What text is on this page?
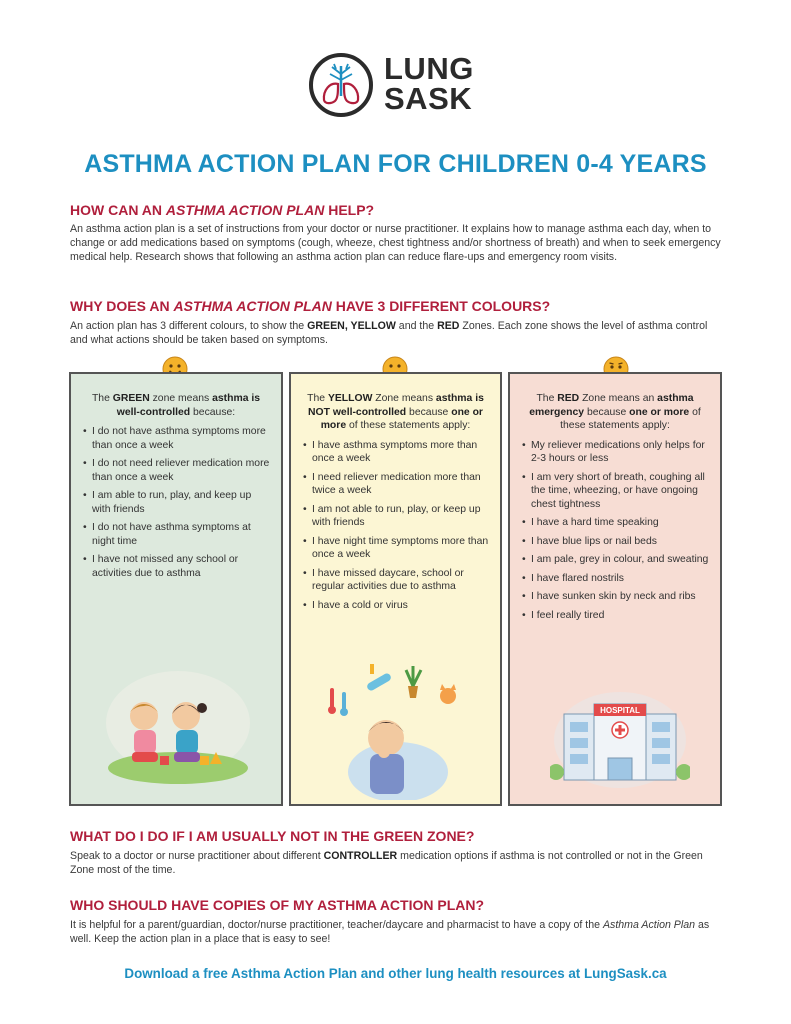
LUNG
SASK
ASTHMA ACTION PLAN FOR CHILDREN 0-4 YEARS
HOW CAN AN ASTHMA ACTION PLAN HELP?
An asthma action plan is a set of instructions from your doctor or nurse practitioner. It explains how to manage asthma each day, when to change or add medications based on symptoms (cough, wheeze, chest tightness and/or shortness of breath) and when to seek emergency medical help. Research shows that following an asthma action plan can reduce flare-ups and emergency room visits.
WHY DOES AN ASTHMA ACTION PLAN HAVE 3 DIFFERENT COLOURS?
An action plan has 3 different colours, to show the GREEN, YELLOW and the RED Zones. Each zone shows the level of asthma control and what actions should be taken based on symptoms.
The GREEN zone means asthma is well-controlled because:
• I do not have asthma symptoms more than once a week
• I do not need reliever medication more than once a week
• I am able to run, play, and keep up with friends
• I do not have asthma symptoms at night time
• I have not missed any school or activities due to asthma
The YELLOW Zone means asthma is NOT well-controlled because one or more of these statements apply:
• I have asthma symptoms more than once a week
• I need reliever medication more than twice a week
• I am not able to run, play, or keep up with friends
• I have night time symptoms more than once a week
• I have missed daycare, school or regular activities due to asthma
• I have a cold or virus
The RED Zone means an asthma emergency because one or more of these statements apply:
• My reliever medications only helps for 2-3 hours or less
• I am very short of breath, coughing all the time, wheezing, or have ongoing chest tightness
• I have a hard time speaking
• I have blue lips or nail beds
• I am pale, grey in colour, and sweating
• I have flared nostrils
• I have sunken skin by neck and ribs
• I feel really tired
HOSPITAL
WHAT DO I DO IF I AM USUALLY NOT IN THE GREEN ZONE?
Speak to a doctor or nurse practitioner about different CONTROLLER medication options if asthma is not controlled or not in the Green Zone most of the time.
WHO SHOULD HAVE COPIES OF MY ASTHMA ACTION PLAN?
It is helpful for a parent/guardian, doctor/nurse practitioner, teacher/daycare and pharmacist to have a copy of the Asthma Action Plan as well. Keep the action plan in a place that is easy to see!
Download a free Asthma Action Plan and other lung health resources at LungSask.ca
